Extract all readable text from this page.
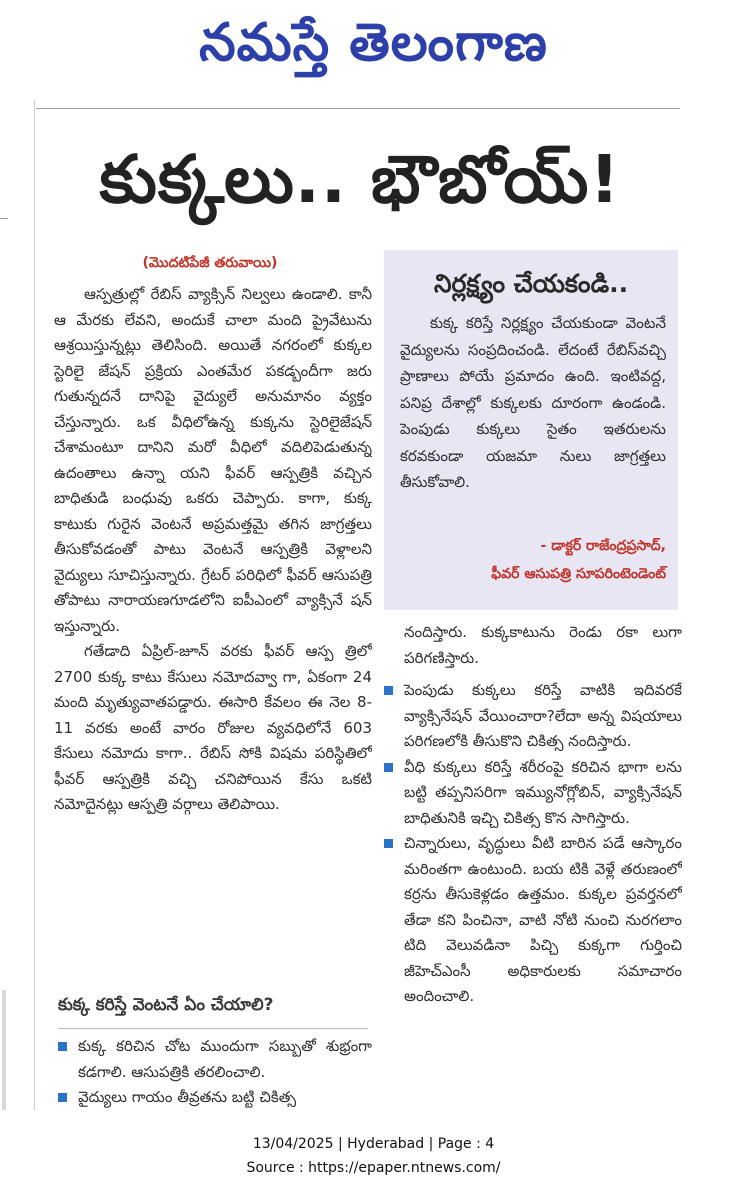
నమస్తే తెలంగాణ
కుక్కలు.. భౌబోయ్!
(మొదటిపేజీ తరువాయి)

ఆస్పత్రుల్లో రేబిస్ వ్యాక్సిన్ నిల్వలు ఉండాలి. కానీ ఆ మేరకు లేవని, అందుకే చాలా మంది ప్రైవేటును ఆశ్రయిస్తున్నట్లు తెలిసింది. అయితే నగరంలో కుక్కల స్టెరిలై జేషన్ ప్రక్రియ ఎంతమేర పకడ్బందీగా జరు గుతున్నదనే దానిపై వైద్యులే అనుమానం వ్యక్తం చేస్తున్నారు. ఒక వీధిలోఉన్న కుక్కను స్టెరిలైజేషన్ చేశామంటూ దానిని మరో వీధిలో వదిలిపెడుతున్న ఉదంతాలు ఉన్నా యని ఫీవర్ ఆస్పత్రికి వచ్చిన బాధితుడి బంధువు ఒకరు చెప్పారు. కాగా, కుక్క కాటుకు గురైన వెంటనే అప్రమత్తమై తగిన జాగ్రత్తలు తీసుకోవడంతో పాటు వెంటనే ఆస్పత్రికి వెళ్లాలని వైద్యులు సూచిస్తున్నారు. గ్రేటర్ పరిధిలో ఫీవర్ ఆసుపత్రి తోపాటు నారాయణగూడలోని ఐపీఎంలో వ్యాక్సినే షన్ ఇస్తున్నారు.

గతేడాది ఏప్రిల్-జూన్ వరకు ఫీవర్ ఆస్ప త్రిలో 2700 కుక్క కాటు కేసులు నమోదవ్వా గా, ఏకంగా 24 మంది మృత్యువాతపడ్డారు. ఈసారి కేవలం ఈ నెల 8-11 వరకు అంటే వారం రోజుల వ్యవధిలోనే 603 కేసులు నమోదు కాగా.. రేబిస్ సోకి విషమ పరిస్థితిలో ఫీవర్ ఆస్పత్రికి వచ్చి చనిపోయిన కేసు ఒకటి నమోదైనట్లు ఆస్పత్రి వర్గాలు తెలిపాయి.

కుక్క కరిస్తే వెంటనే ఏం చేయాలి?
కుక్క కరిచిన చోట ముందుగా సబ్బుతో శుభ్రంగా కడగాలి. ఆసుపత్రికి తరలించాలి.
వైద్యులు గాయం తీవ్రతను బట్టి చికిత్స
నిర్లక్ష్యం చేయకండి..
కుక్క కరిస్తే నిర్లక్ష్యం చేయకుండా వెంటనే వైద్యులను సంప్రదించండి. లేదంటే రేబిస్‌వచ్చి ప్రాణాలు పోయే ప్రమాదం ఉంది. ఇంటివద్ద, పనిప్ర దేశాల్లో కుక్కలకు దూరంగా ఉండండి. పెంపుడు కుక్కలు సైతం ఇతరులను కరవకుండా యజమా నులు జాగ్రత్తలు తీసుకోవాలి.
- డాక్టర్ రాజేంద్రప్రసాద్,
ఫీవర్ ఆసుపత్రి సూపరింటెండెంట్
నందిస్తారు. కుక్కకాటును రెండు రకా లుగా పరిగణిస్తారు.
పెంపుడు కుక్కలు కరిస్తే వాటికి ఇదివరకే వ్యాక్సినేషన్ వేయించారా?లేదా అన్న విషయాలు పరిగణలోకి తీసుకొని చికిత్స నందిస్తారు.
వీధి కుక్కలు కరిస్తే శరీరంపై కరిచిన భాగా లను బట్టి తప్పనిసరిగా ఇమ్యునోగ్లోబిన్, వ్యాక్సినేషన్ బాధితునికి ఇచ్చి చికిత్స కొన సాగిస్తారు.
చిన్నారులు, వృద్ధులు వీటి బారిన పడే ఆస్కారం మరింతగా ఉంటుంది. బయ టికి వెళ్లే తరుణంలో కర్రను తీసుకెళ్లడం ఉత్తమం. కుక్కల ప్రవర్తనలో తేడా కని పించినా, వాటి నోటి నుంచి నురగలాం టిది వెలువడినా పిచ్చి కుక్కగా గుర్తించి జీహెచ్ఎంసీ అధికారులకు సమాచారం అందించాలి.
13/04/2025 | Hyderabad | Page : 4
Source : https://epaper.ntnews.com/
